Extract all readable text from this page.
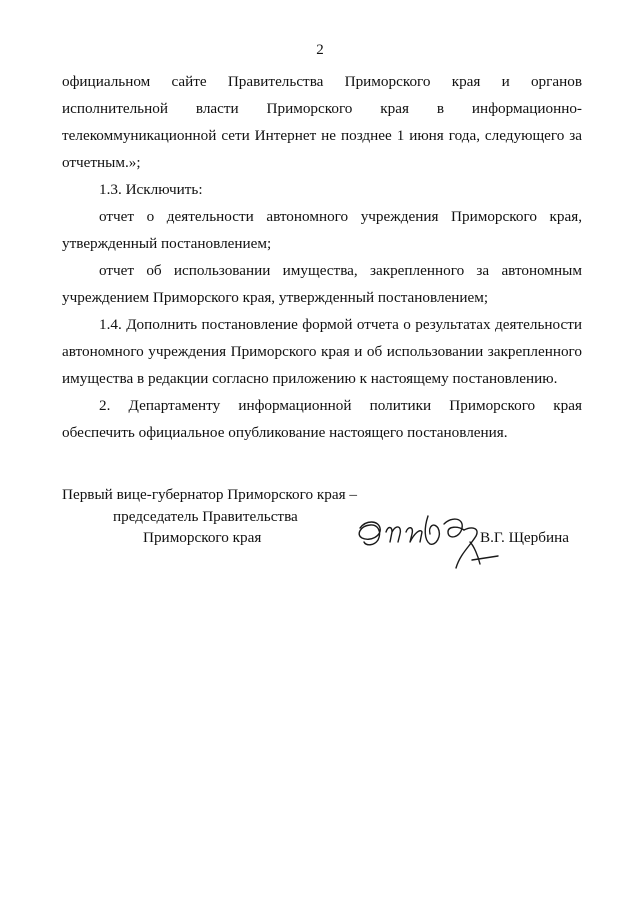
2

официальном сайте Правительства Приморского края и органов исполнительной власти Приморского края в информационно-телекоммуникационной сети Интернет не позднее 1 июня года, следующего за отчетным.»;

1.3. Исключить:

отчет о деятельности автономного учреждения Приморского края, утвержденный постановлением;

отчет об использовании имущества, закрепленного за автономным учреждением Приморского края, утвержденный постановлением;

1.4. Дополнить постановление формой отчета о результатах деятельности автономного учреждения Приморского края и об использовании закрепленного имущества в редакции согласно приложению к настоящему постановлению.

2. Департаменту информационной политики Приморского края обеспечить официальное опубликование настоящего постановления.

Первый вице-губернатор Приморского края –
председатель Правительства
Приморского края	В.Г. Щербина
